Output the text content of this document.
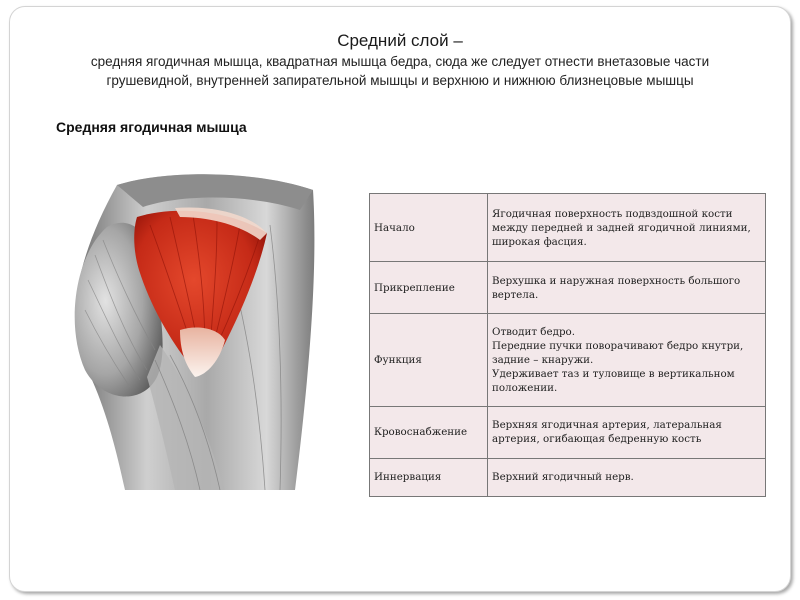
Средний слой –
средняя ягодичная мышца, квадратная мышца бедра, сюда же следует отнести внетазовые части
грушевидной, внутренней запирательной мышцы и верхнюю и нижнюю близнецовые мышцы
Средняя ягодичная мышца
Начало	Ягодичная поверхность подвздошной кости
между передней и задней ягодичной линиями,
широкая фасция.

Прикрепление	Верхушка и наружная поверхность большого
вертела.

Функция	Отводит бедро.
Передние пучки поворачивают бедро кнутри,
задние – кнаружи.
Удерживает таз и туловище в вертикальном
положении.

Кровоснабжение	Верхняя ягодичная артерия, латеральная
артерия, огибающая бедренную кость

Иннервация	Верхний ягодичный нерв.
